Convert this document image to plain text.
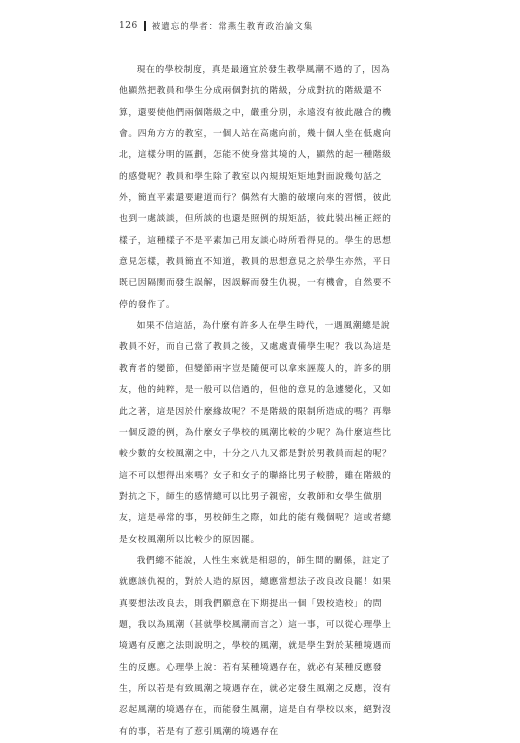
126 被遺忘的學者：常燕生教育政治論文集

現在的學校制度，真是最適宜於發生教學風潮不過的了，因為他顯然把教員和學生分成兩個對抗的階級，分成對抗的階級還不算，還要使他們兩個階級之中，嚴重分別，永遠沒有彼此融合的機會。四角方方的教室，一個人站在高處向前，幾十個人坐在低處向北，這樣分明的區劃，怎能不使身當其境的人，顯然的起一種階級的感覺呢？教員和學生除了教室以內規規矩矩地對面說幾句話之外，簡直平素還要避道而行？偶然有大膽的破壞向來的習慣，彼此也到一處談談，但所談的也還是照例的規矩話，彼此裝出極正經的樣子，這種樣子不是平素加己用友談心時所看得見的。學生的思想意見怎樣，教員簡直不知道，教員的思想意見之於學生亦然，平日既已因隔閡而發生誤解，因誤解而發生仇視，一有機會，自然要不停的發作了。

如果不信這話，為什麼有許多人在學生時代，一遇風潮總是說教員不好，而自己當了教員之後，又處處責備學生呢？我以為這是教育者的變節，但變節兩字豈是隨便可以拿來誣蔑人的，許多的朋友，他的純粹，是一般可以信過的，但他的意見的急遽變化，又如此之著，這是因於什麼緣故呢？不是階級的限制所造成的嗎？再舉一個反證的例，為什麼女子學校的風潮比較的少呢？為什麼這些比較少數的女校風潮之中，十分之八九又都是對於男教員而起的呢？這不可以想得出來嗎？女子和女子的聯絡比男子較勝，雖在階級的對抗之下，師生的感情總可以比男子親密，女教師和女學生做朋友，這是尋常的事，男校師生之際，如此的能有幾個呢？這或者總是女校風潮所以比較少的原因罷。

我們總不能說，人性生來就是相惡的，師生間的關係，註定了就應該仇視的，對於人造的原因，總應當想法子改良改良罷！如果真要想法改良去，則我們願意在下期提出一個「毀校造校」的問題，我以為風潮（甚就學校風潮而言之）這一事，可以從心理學上境遇有反應之法則說明之，學校的風潮，就是學生對於某種境遇而生的反應。心理學上說：若有某種境遇存在，就必有某種反應發生，所以若是有致風潮之境遇存在，就必定發生風潮之反應，沒有忍起風潮的境遇存在，而能發生風潮，這是自有學校以來，絕對沒有的事，若是有了惹引風潮的境遇存在
